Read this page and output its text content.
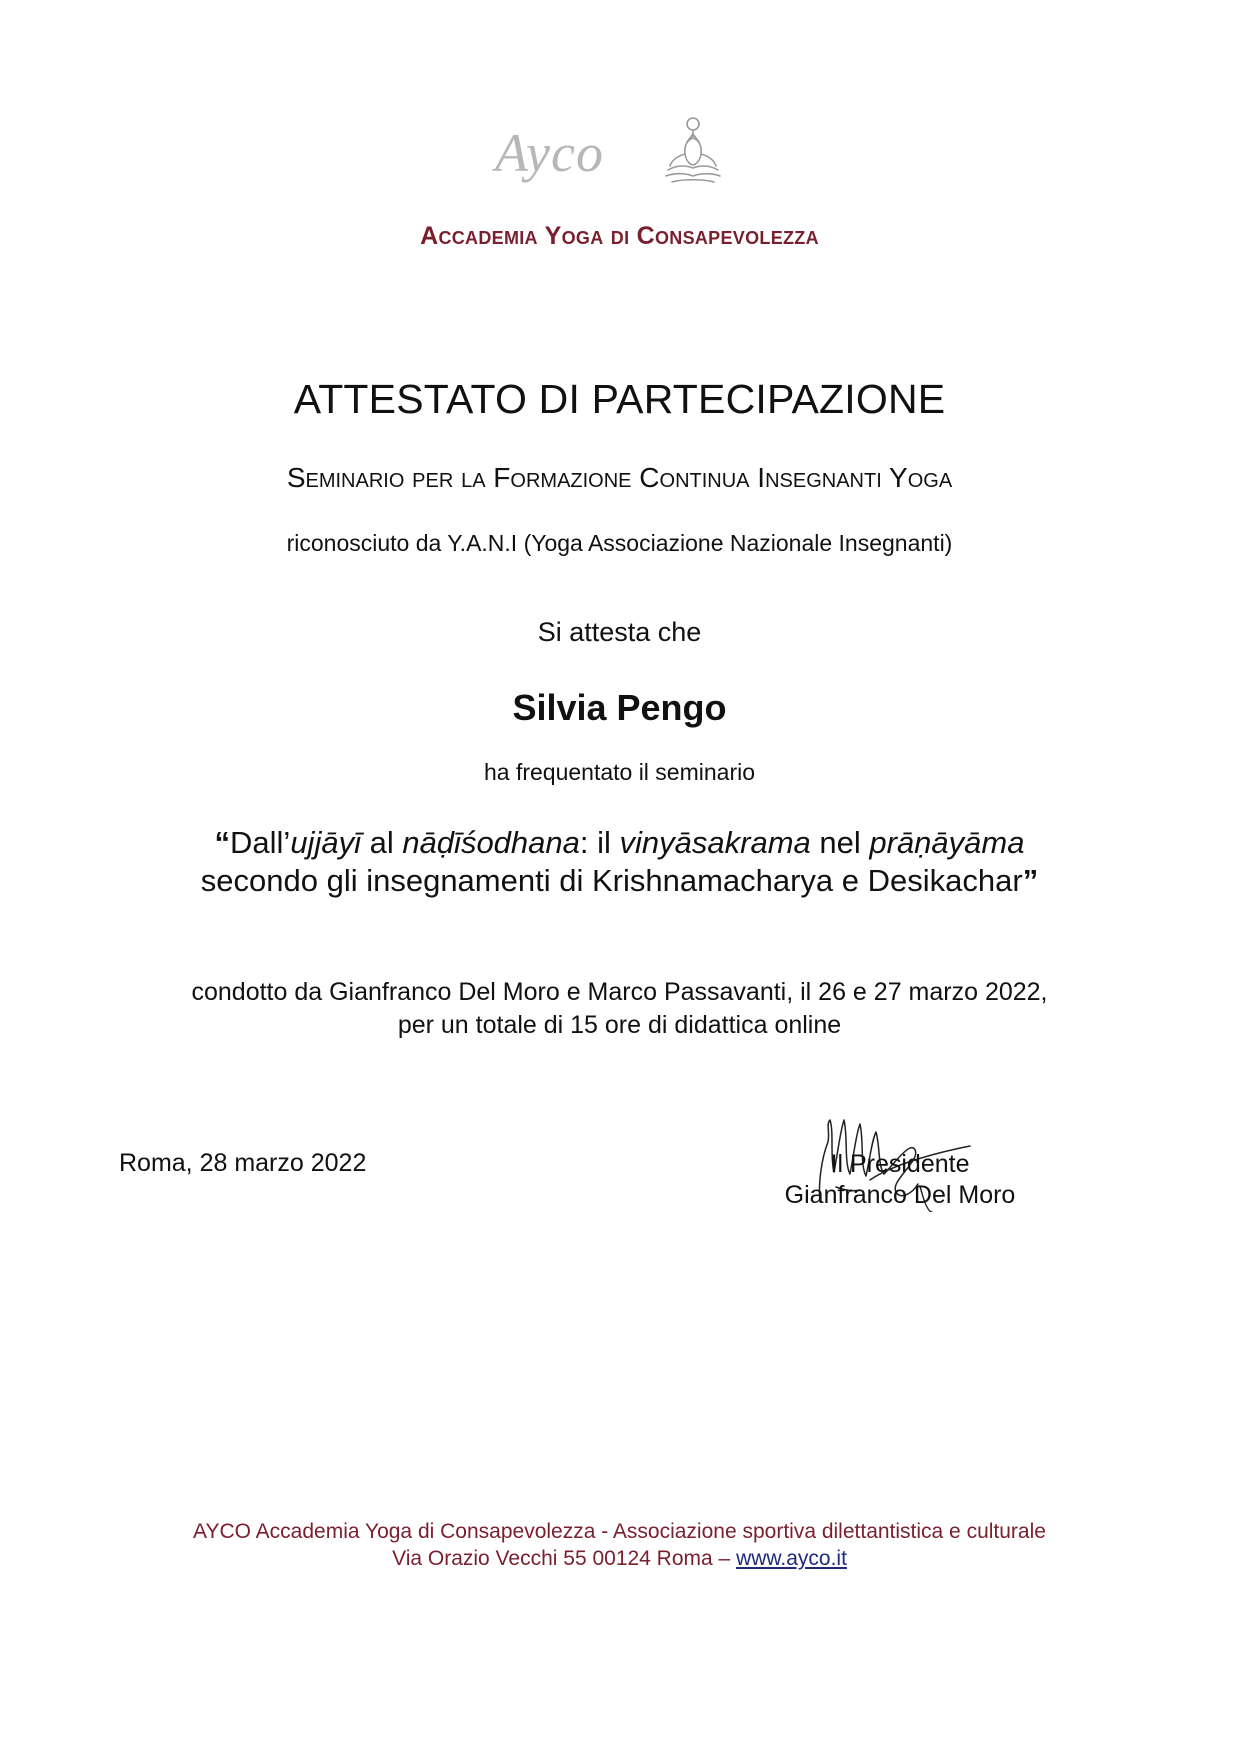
Ayco
Accademia Yoga di Consapevolezza
ATTESTATO DI PARTECIPAZIONE
Seminario per la Formazione Continua Insegnanti Yoga
riconosciuto da Y.A.N.I (Yoga Associazione Nazionale Insegnanti)
Si attesta che
Silvia Pengo
ha frequentato il seminario
“Dall’ujjāyī al nāḍīśodhana: il vinyāsakrama nel prāṇāyāma
secondo gli insegnamenti di Krishnamacharya e Desikachar”
condotto da Gianfranco Del Moro e Marco Passavanti, il 26 e 27 marzo 2022,
per un totale di 15 ore di didattica online
Roma, 28 marzo 2022	Il Presidente
Gianfranco Del Moro
AYCO Accademia Yoga di Consapevolezza - Associazione sportiva dilettantistica e culturale
Via Orazio Vecchi 55 00124 Roma – www.ayco.it
